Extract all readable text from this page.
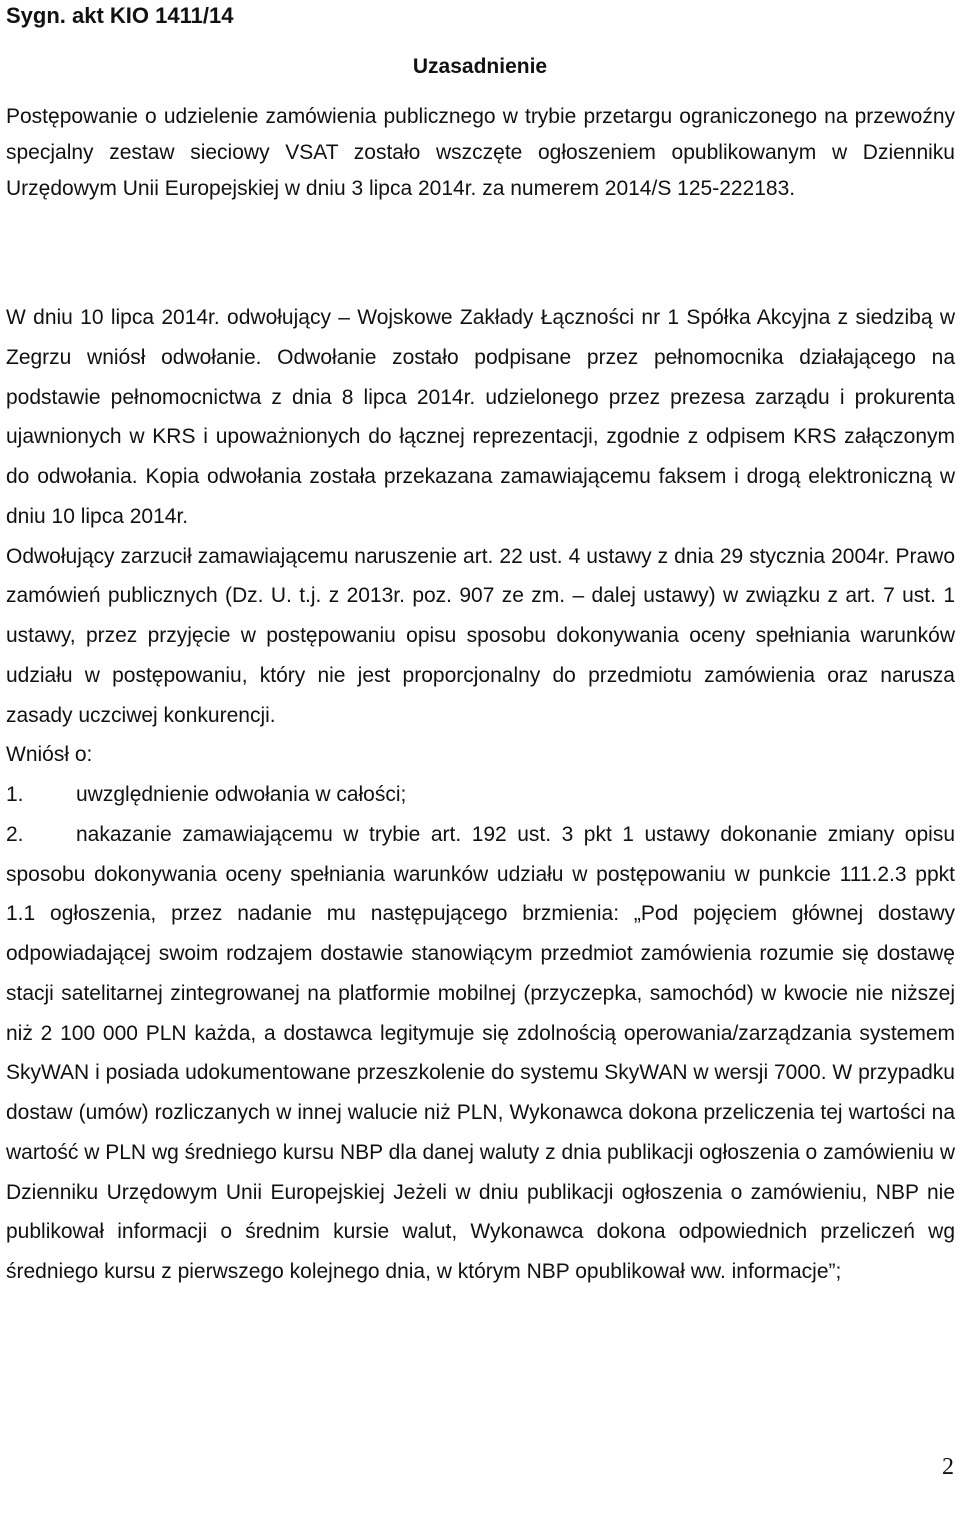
Sygn. akt KIO 1411/14
Uzasadnienie

Postępowanie o udzielenie zamówienia publicznego w trybie przetargu ograniczonego na przewoźny specjalny zestaw sieciowy VSAT zostało wszczęte ogłoszeniem opublikowanym w Dzienniku Urzędowym Unii Europejskiej w dniu 3 lipca 2014r. za numerem 2014/S 125-222183.

W dniu 10 lipca 2014r. odwołujący – Wojskowe Zakłady Łączności nr 1 Spółka Akcyjna z siedzibą w Zegrzu wniósł odwołanie. Odwołanie zostało podpisane przez pełnomocnika działającego na podstawie pełnomocnictwa z dnia 8 lipca 2014r. udzielonego przez prezesa zarządu i prokurenta ujawnionych w KRS i upoważnionych do łącznej reprezentacji, zgodnie z odpisem KRS załączonym do odwołania. Kopia odwołania została przekazana zamawiającemu faksem i drogą elektroniczną w dniu 10 lipca 2014r.
Odwołujący zarzucił zamawiającemu naruszenie art. 22 ust. 4 ustawy z dnia 29 stycznia 2004r. Prawo zamówień publicznych (Dz. U. t.j. z 2013r. poz. 907 ze zm. – dalej ustawy) w związku z art. 7 ust. 1 ustawy, przez przyjęcie w postępowaniu opisu sposobu dokonywania oceny spełniania warunków udziału w postępowaniu, który nie jest proporcjonalny do przedmiotu zamówienia oraz narusza zasady uczciwej konkurencji.
Wniósł o:
1. uwzględnienie odwołania w całości;
2. nakazanie zamawiającemu w trybie art. 192 ust. 3 pkt 1 ustawy dokonanie zmiany opisu sposobu dokonywania oceny spełniania warunków udziału w postępowaniu w punkcie 111.2.3 ppkt 1.1 ogłoszenia, przez nadanie mu następującego brzmienia: „Pod pojęciem głównej dostawy odpowiadającej swoim rodzajem dostawie stanowiącym przedmiot zamówienia rozumie się dostawę stacji satelitarnej zintegrowanej na platformie mobilnej (przyczepka, samochód) w kwocie nie niższej niż 2 100 000 PLN każda, a dostawca legitymuje się zdolnością operowania/zarządzania systemem SkyWAN i posiada udokumentowane przeszkolenie do systemu SkyWAN w wersji 7000. W przypadku dostaw (umów) rozliczanych w innej walucie niż PLN, Wykonawca dokona przeliczenia tej wartości na wartość w PLN wg średniego kursu NBP dla danej waluty z dnia publikacji ogłoszenia o zamówieniu w Dzienniku Urzędowym Unii Europejskiej Jeżeli w dniu publikacji ogłoszenia o zamówieniu, NBP nie publikował informacji o średnim kursie walut, Wykonawca dokona odpowiednich przeliczeń wg średniego kursu z pierwszego kolejnego dnia, w którym NBP opublikował ww. informacje”;
2
